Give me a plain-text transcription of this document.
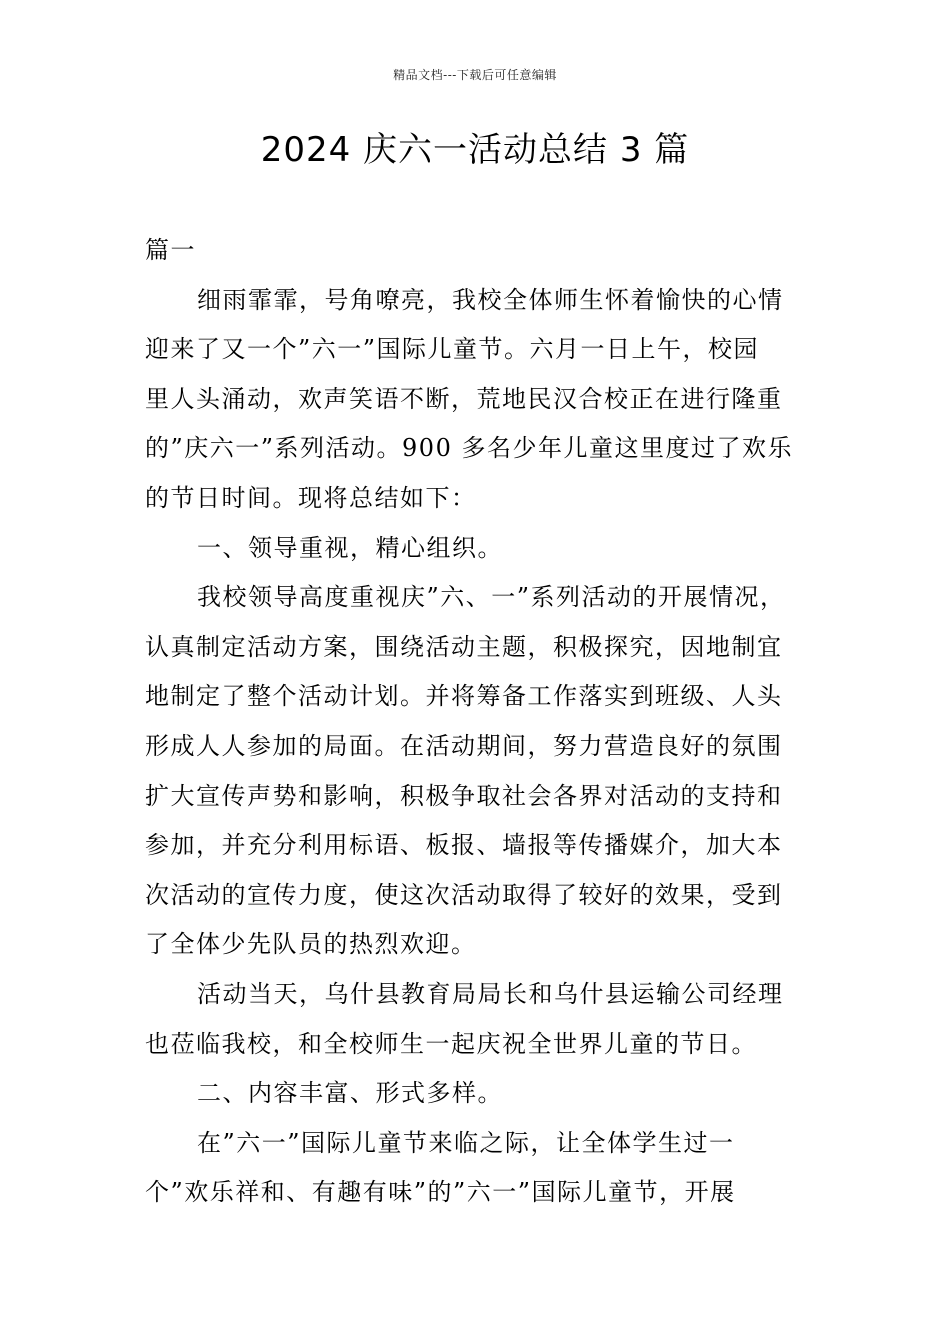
精品文档---下载后可任意编辑
2024 庆六一活动总结 3 篇

篇一

细雨霏霏，号角嘹亮，我校全体师生怀着愉快的心情

迎来了又一个”六一”国际儿童节。六月一日上午，校园

里人头涌动，欢声笑语不断，荒地民汉合校正在进行隆重

的”庆六一”系列活动。900 多名少年儿童这里度过了欢乐

的节日时间。现将总结如下：

一、领导重视，精心组织。

我校领导高度重视庆”六、一”系列活动的开展情况，

认真制定活动方案，围绕活动主题，积极探究，因地制宜

地制定了整个活动计划。并将筹备工作落实到班级、人头

形成人人参加的局面。在活动期间，努力营造良好的氛围

扩大宣传声势和影响，积极争取社会各界对活动的支持和

参加，并充分利用标语、板报、墙报等传播媒介，加大本

次活动的宣传力度，使这次活动取得了较好的效果，受到

了全体少先队员的热烈欢迎。

活动当天，乌什县教育局局长和乌什县运输公司经理

也莅临我校，和全校师生一起庆祝全世界儿童的节日。

二、内容丰富、形式多样。

在”六一”国际儿童节来临之际，让全体学生过一

个”欢乐祥和、有趣有味”的”六一”国际儿童节，开展
